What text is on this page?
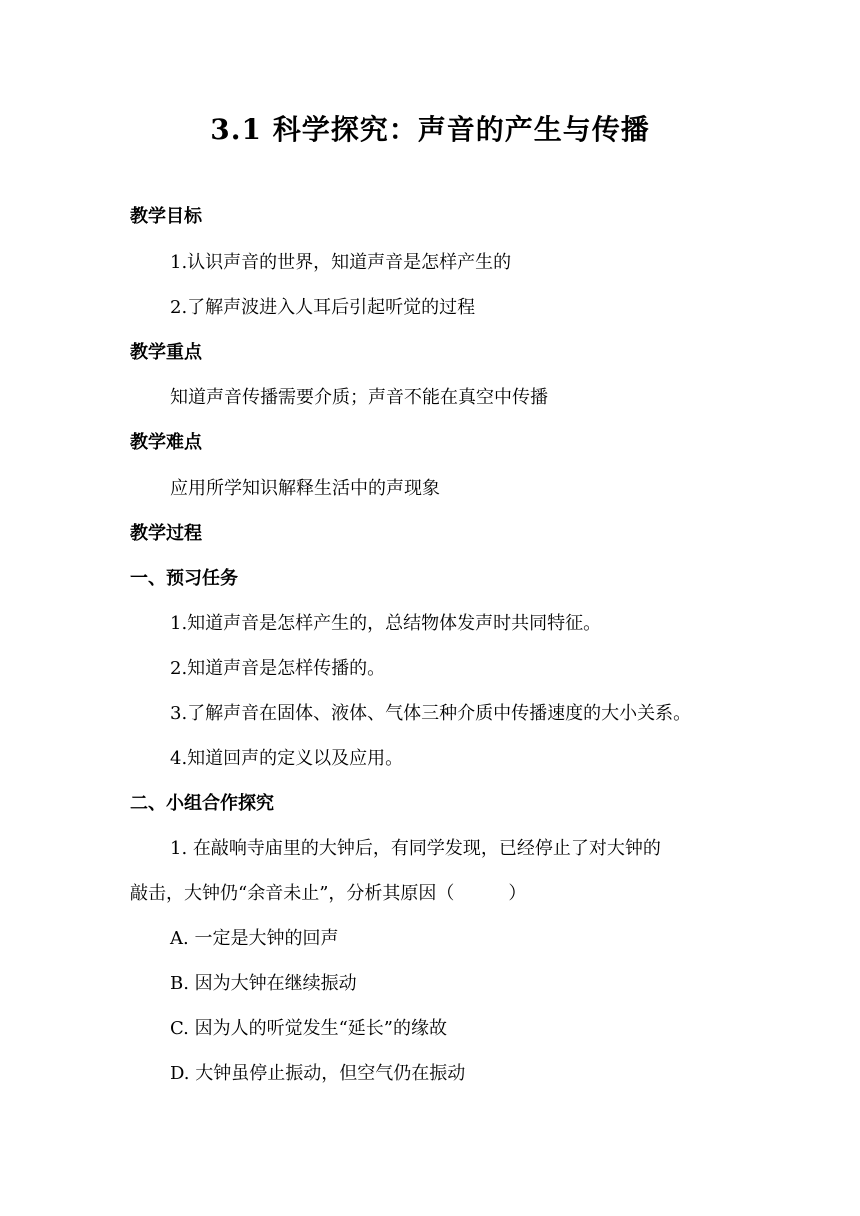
3.1 科学探究：声音的产生与传播
教学目标
1.认识声音的世界，知道声音是怎样产生的
2.了解声波进入人耳后引起听觉的过程
教学重点
知道声音传播需要介质；声音不能在真空中传播
教学难点
应用所学知识解释生活中的声现象
教学过程
一、预习任务
1.知道声音是怎样产生的，总结物体发声时共同特征。
2.知道声音是怎样传播的。
3.了解声音在固体、液体、气体三种介质中传播速度的大小关系。
4.知道回声的定义以及应用。
二、小组合作探究
1. 在敲响寺庙里的大钟后，有同学发现，已经停止了对大钟的
敲击，大钟仍“余音未止”，分析其原因（　　　）
A. 一定是大钟的回声
B. 因为大钟在继续振动
C. 因为人的听觉发生“延长”的缘故
D. 大钟虽停止振动，但空气仍在振动
